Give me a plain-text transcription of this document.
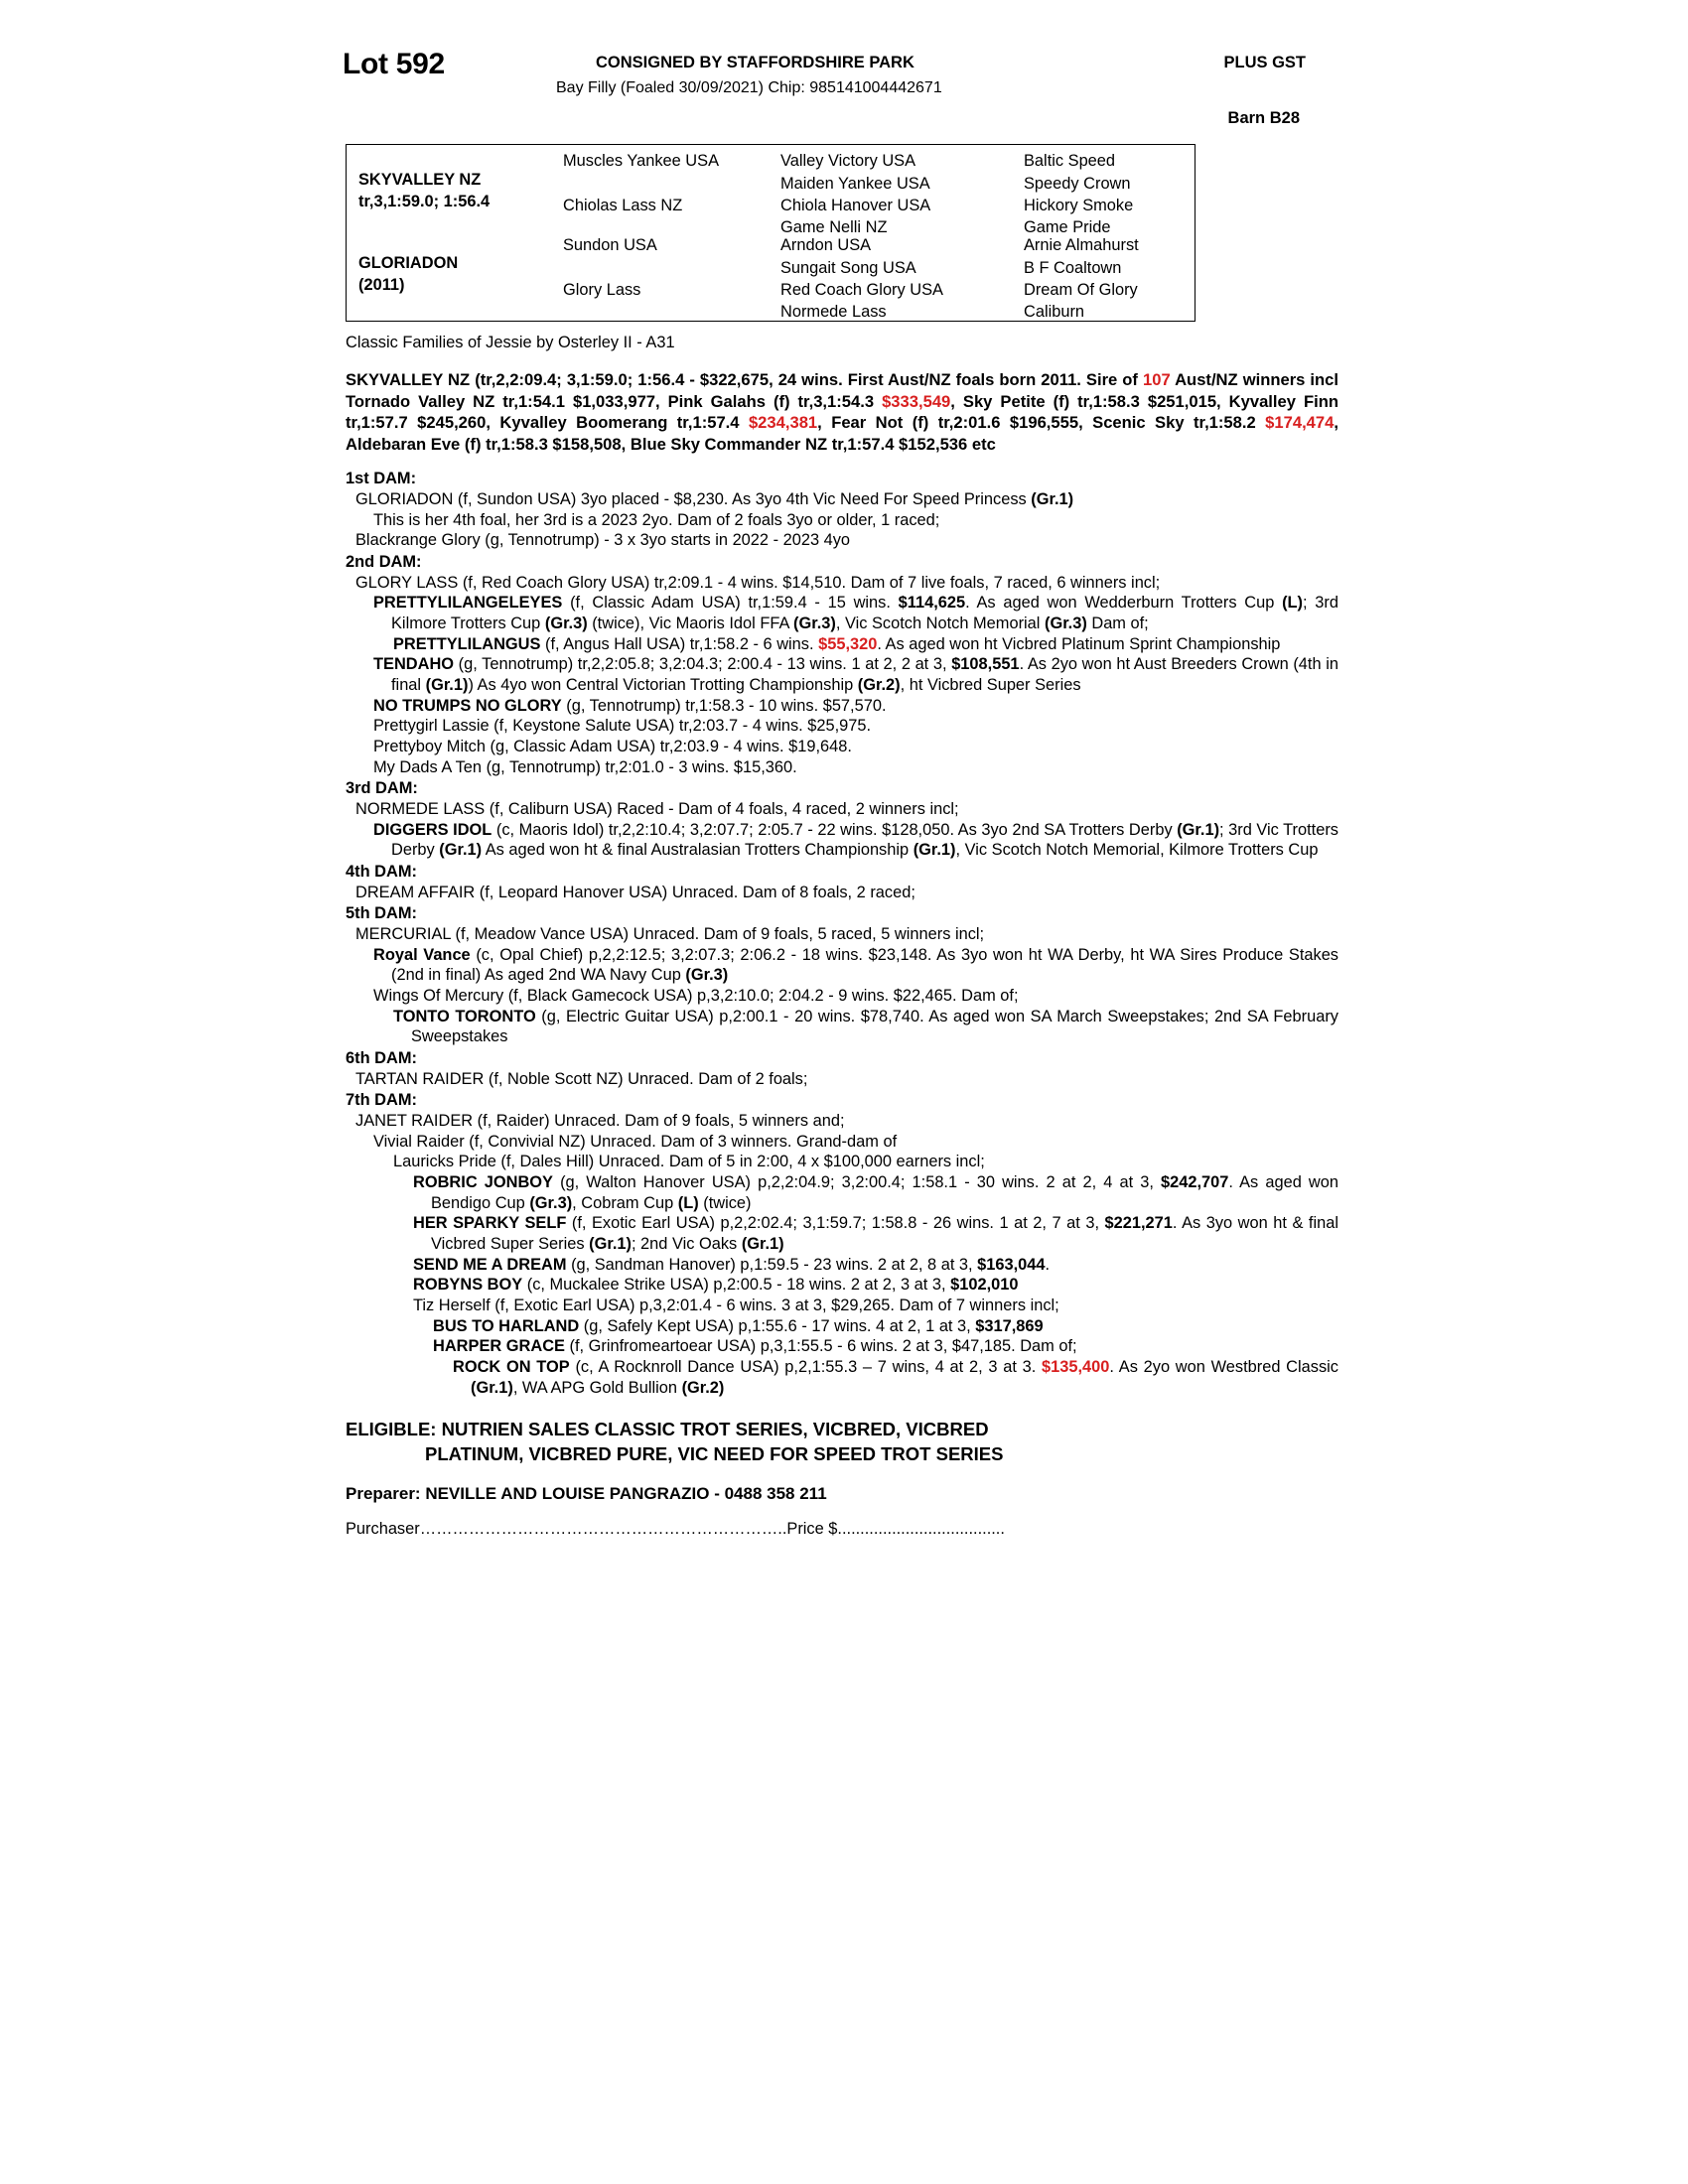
Lot 592	CONSIGNED BY STAFFORDSHIRE PARK
Bay Filly (Foaled 30/09/2021) Chip: 985141004442671
PLUS GST
Barn B28
SKYVALLEY NZ
tr,3,1:59.0; 1:56.4
GLORIADON
(2011)
Muscles Yankee USA
Chiolas Lass NZ
Sundon USA
Glory Lass
Valley Victory USA
Maiden Yankee USA
Chiola Hanover USA
Game Nelli NZ
Arndon USA
Sungait Song USA
Red Coach Glory USA
Normede Lass
Baltic Speed
Speedy Crown
Hickory Smoke
Game Pride
Arnie Almahurst
B F Coaltown
Dream Of Glory
Caliburn
Classic Families of Jessie by Osterley II - A31
SKYVALLEY NZ (tr,2,2:09.4; 3,1:59.0; 1:56.4 - $322,675, 24 wins. First Aust/NZ foals born 2011. Sire of 107 Aust/NZ winners incl Tornado Valley NZ tr,1:54.1 $1,033,977, Pink Galahs (f) tr,3,1:54.3 $333,549, Sky Petite (f) tr,1:58.3 $251,015, Kyvalley Finn tr,1:57.7 $245,260, Kyvalley Boomerang tr,1:57.4 $234,381, Fear Not (f) tr,2:01.6 $196,555, Scenic Sky tr,1:58.2 $174,474, Aldebaran Eve (f) tr,1:58.3 $158,508, Blue Sky Commander NZ tr,1:57.4 $152,536 etc
1st DAM:
GLORIADON (f, Sundon USA) 3yo placed - $8,230. As 3yo 4th Vic Need For Speed Princess (Gr.1)
This is her 4th foal, her 3rd is a 2023 2yo. Dam of 2 foals 3yo or older, 1 raced;
Blackrange Glory (g, Tennotrump) - 3 x 3yo starts in 2022 - 2023 4yo
2nd DAM:
GLORY LASS (f, Red Coach Glory USA) tr,2:09.1 - 4 wins. $14,510. Dam of 7 live foals, 7 raced, 6 winners incl;
PRETTYLILANGELEYES (f, Classic Adam USA) tr,1:59.4 - 15 wins. $114,625. As aged won Wedderburn Trotters Cup (L); 3rd Kilmore Trotters Cup (Gr.3) (twice), Vic Maoris Idol FFA (Gr.3), Vic Scotch Notch Memorial (Gr.3) Dam of;
PRETTYLILANGUS (f, Angus Hall USA) tr,1:58.2 - 6 wins. $55,320. As aged won ht Vicbred Platinum Sprint Championship
TENDAHO (g, Tennotrump) tr,2,2:05.8; 3,2:04.3; 2:00.4 - 13 wins. 1 at 2, 2 at 3, $108,551. As 2yo won ht Aust Breeders Crown (4th in final (Gr.1)) As 4yo won Central Victorian Trotting Championship (Gr.2), ht Vicbred Super Series
NO TRUMPS NO GLORY (g, Tennotrump) tr,1:58.3 - 10 wins. $57,570.
Prettygirl Lassie (f, Keystone Salute USA) tr,2:03.7 - 4 wins. $25,975.
Prettyboy Mitch (g, Classic Adam USA) tr,2:03.9 - 4 wins. $19,648.
My Dads A Ten (g, Tennotrump) tr,2:01.0 - 3 wins. $15,360.
3rd DAM:
NORMEDE LASS (f, Caliburn USA) Raced - Dam of 4 foals, 4 raced, 2 winners incl;
DIGGERS IDOL (c, Maoris Idol) tr,2,2:10.4; 3,2:07.7; 2:05.7 - 22 wins. $128,050. As 3yo 2nd SA Trotters Derby (Gr.1); 3rd Vic Trotters Derby (Gr.1) As aged won ht & final Australasian Trotters Championship (Gr.1), Vic Scotch Notch Memorial, Kilmore Trotters Cup
4th DAM:
DREAM AFFAIR (f, Leopard Hanover USA) Unraced. Dam of 8 foals, 2 raced;
5th DAM:
MERCURIAL (f, Meadow Vance USA) Unraced. Dam of 9 foals, 5 raced, 5 winners incl;
Royal Vance (c, Opal Chief) p,2,2:12.5; 3,2:07.3; 2:06.2 - 18 wins. $23,148. As 3yo won ht WA Derby, ht WA Sires Produce Stakes (2nd in final) As aged 2nd WA Navy Cup (Gr.3)
Wings Of Mercury (f, Black Gamecock USA) p,3,2:10.0; 2:04.2 - 9 wins. $22,465. Dam of;
TONTO TORONTO (g, Electric Guitar USA) p,2:00.1 - 20 wins. $78,740. As aged won SA March Sweepstakes; 2nd SA February Sweepstakes
6th DAM:
TARTAN RAIDER (f, Noble Scott NZ) Unraced. Dam of 2 foals;
7th DAM:
JANET RAIDER (f, Raider) Unraced. Dam of 9 foals, 5 winners and;
Vivial Raider (f, Convivial NZ) Unraced. Dam of 3 winners. Grand-dam of
Lauricks Pride (f, Dales Hill) Unraced. Dam of 5 in 2:00, 4 x $100,000 earners incl;
ROBRIC JONBOY (g, Walton Hanover USA) p,2,2:04.9; 3,2:00.4; 1:58.1 - 30 wins. 2 at 2, 4 at 3, $242,707. As aged won Bendigo Cup (Gr.3), Cobram Cup (L) (twice)
HER SPARKY SELF (f, Exotic Earl USA) p,2,2:02.4; 3,1:59.7; 1:58.8 - 26 wins. 1 at 2, 7 at 3, $221,271. As 3yo won ht & final Vicbred Super Series (Gr.1); 2nd Vic Oaks (Gr.1)
SEND ME A DREAM (g, Sandman Hanover) p,1:59.5 - 23 wins. 2 at 2, 8 at 3, $163,044.
ROBYNS BOY (c, Muckalee Strike USA) p,2:00.5 - 18 wins. 2 at 2, 3 at 3, $102,010
Tiz Herself (f, Exotic Earl USA) p,3,2:01.4 - 6 wins. 3 at 3, $29,265. Dam of 7 winners incl;
BUS TO HARLAND (g, Safely Kept USA) p,1:55.6 - 17 wins. 4 at 2, 1 at 3, $317,869
HARPER GRACE (f, Grinfromeartoear USA) p,3,1:55.5 - 6 wins. 2 at 3, $47,185. Dam of;
ROCK ON TOP (c, A Rocknroll Dance USA) p,2,1:55.3 – 7 wins, 4 at 2, 3 at 3. $135,400. As 2yo won Westbred Classic (Gr.1), WA APG Gold Bullion (Gr.2)
ELIGIBLE: NUTRIEN SALES CLASSIC TROT SERIES, VICBRED, VICBRED
PLATINUM, VICBRED PURE, VIC NEED FOR SPEED TROT SERIES
Preparer: NEVILLE AND LOUISE PANGRAZIO - 0488 358 211
Purchaser…………………………………………………………..Price $.....................................
